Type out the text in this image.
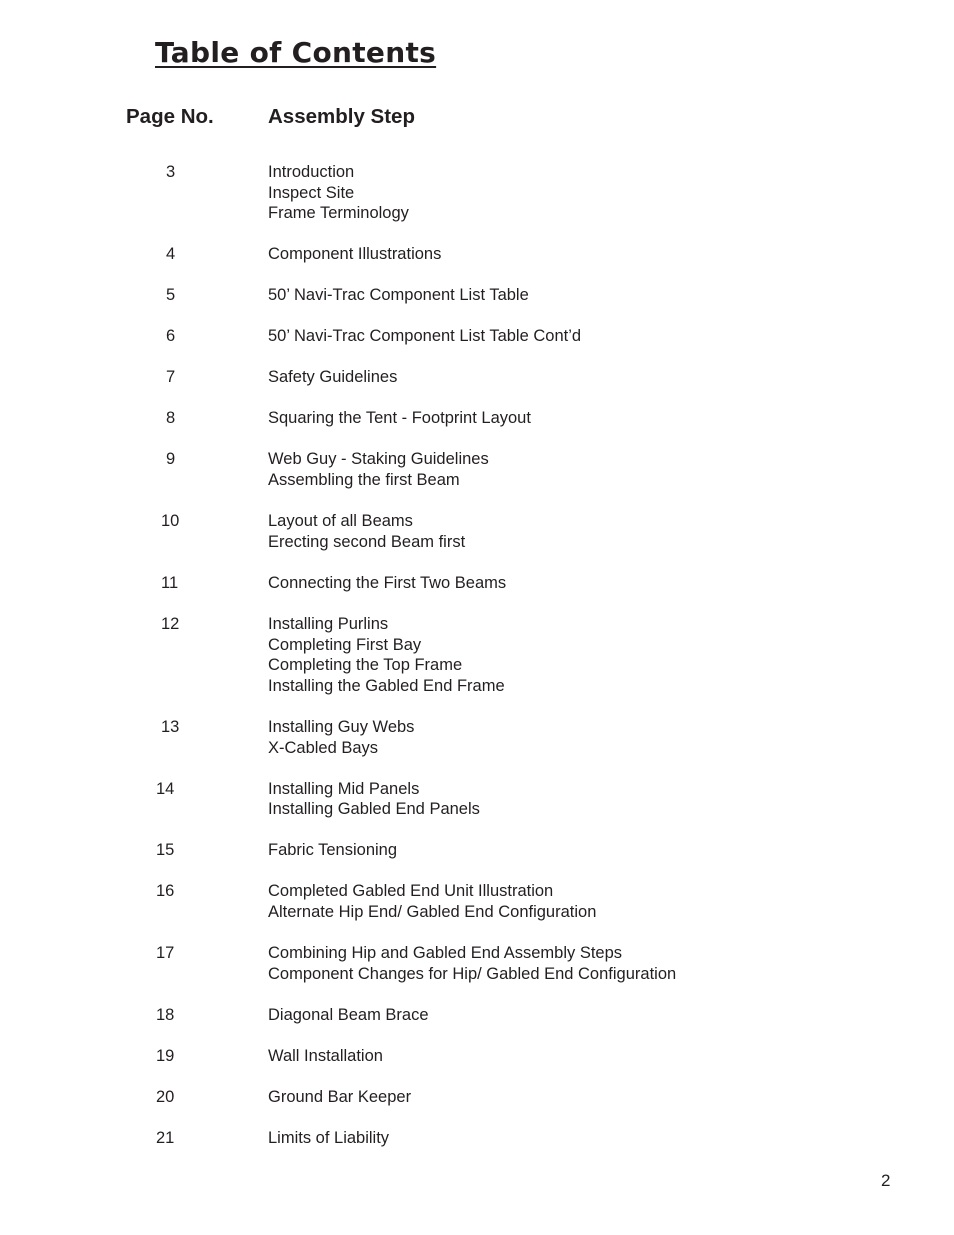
Table of Contents
Page No.	Assembly Step
3	Introduction
Inspect Site
Frame Terminology
4	Component Illustrations
5	50’ Navi-Trac Component List Table
6	50’ Navi-Trac Component List Table Cont’d
7	Safety Guidelines
8	Squaring the Tent - Footprint Layout
9	Web Guy - Staking Guidelines
Assembling the first Beam
10	Layout of all Beams
Erecting second Beam first
11	Connecting the First Two Beams
12	Installing Purlins
Completing First Bay
Completing the Top Frame
Installing the Gabled End Frame
13	Installing Guy Webs
X-Cabled Bays
14	Installing Mid Panels
Installing Gabled End Panels
15	Fabric Tensioning
16	Completed Gabled End Unit Illustration
Alternate Hip End/ Gabled End Configuration
17	Combining Hip and Gabled End Assembly Steps
Component Changes for Hip/ Gabled End Configuration
18	Diagonal Beam Brace
19	Wall Installation
20	Ground Bar Keeper
21	Limits of Liability
2
